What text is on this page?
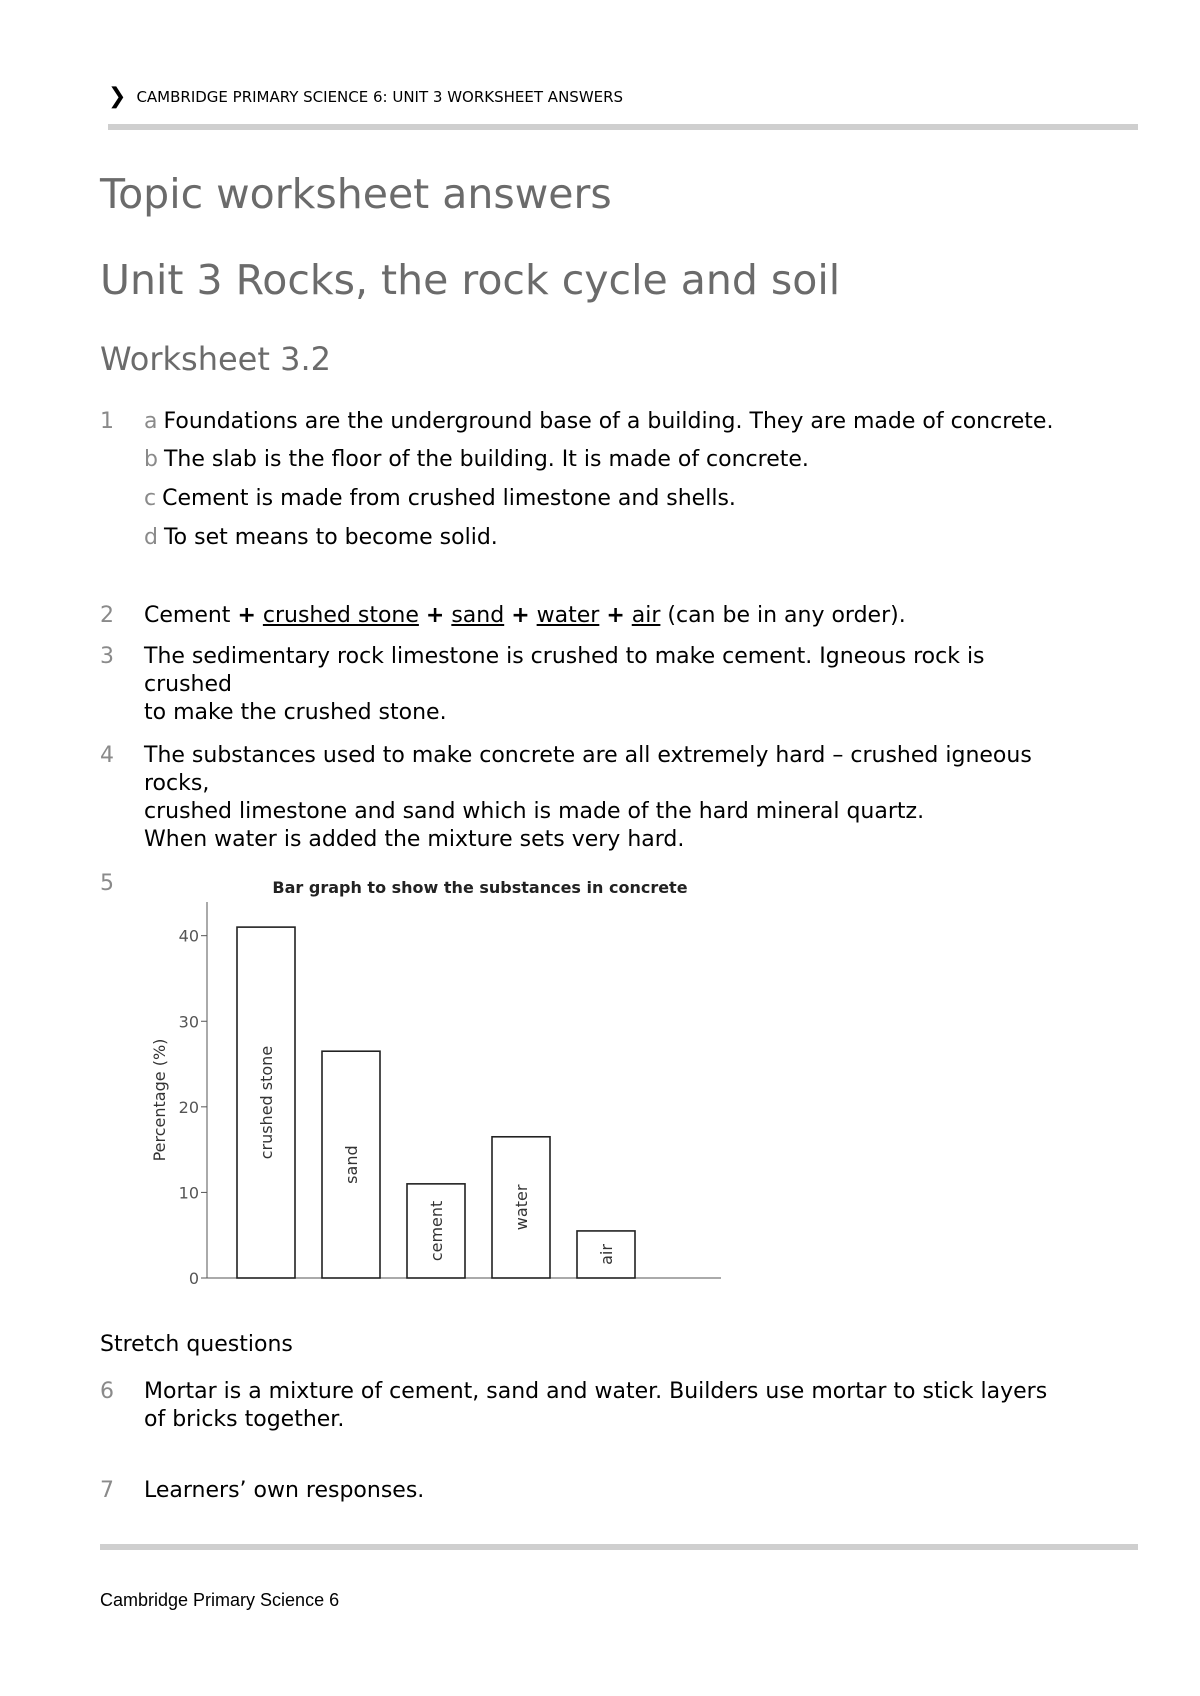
❯ CAMBRIDGE PRIMARY SCIENCE 6: UNIT 3 WORKSHEET ANSWERS
Topic worksheet answers
Unit 3 Rocks, the rock cycle and soil
Worksheet 3.2
1 a Foundations are the underground base of a building. They are made of concrete.
b The slab is the floor of the building. It is made of concrete.
c Cement is made from crushed limestone and shells.
d To set means to become solid.
2 Cement + crushed stone + sand + water + air (can be in any order).
3 The sedimentary rock limestone is crushed to make cement. Igneous rock is crushed
to make the crushed stone.
4 The substances used to make concrete are all extremely hard – crushed igneous rocks,
crushed limestone and sand which is made of the hard mineral quartz.
When water is added the mixture sets very hard.
5	Bar graph to show the substances in concrete
Percentage (%)
0
10
20
30
40
crushed stone
sand
cement	water
air
Stretch questions
6 Mortar is a mixture of cement, sand and water. Builders use mortar to stick layers
of bricks together.
7 Learners’ own responses.
Cambridge Primary Science 6
